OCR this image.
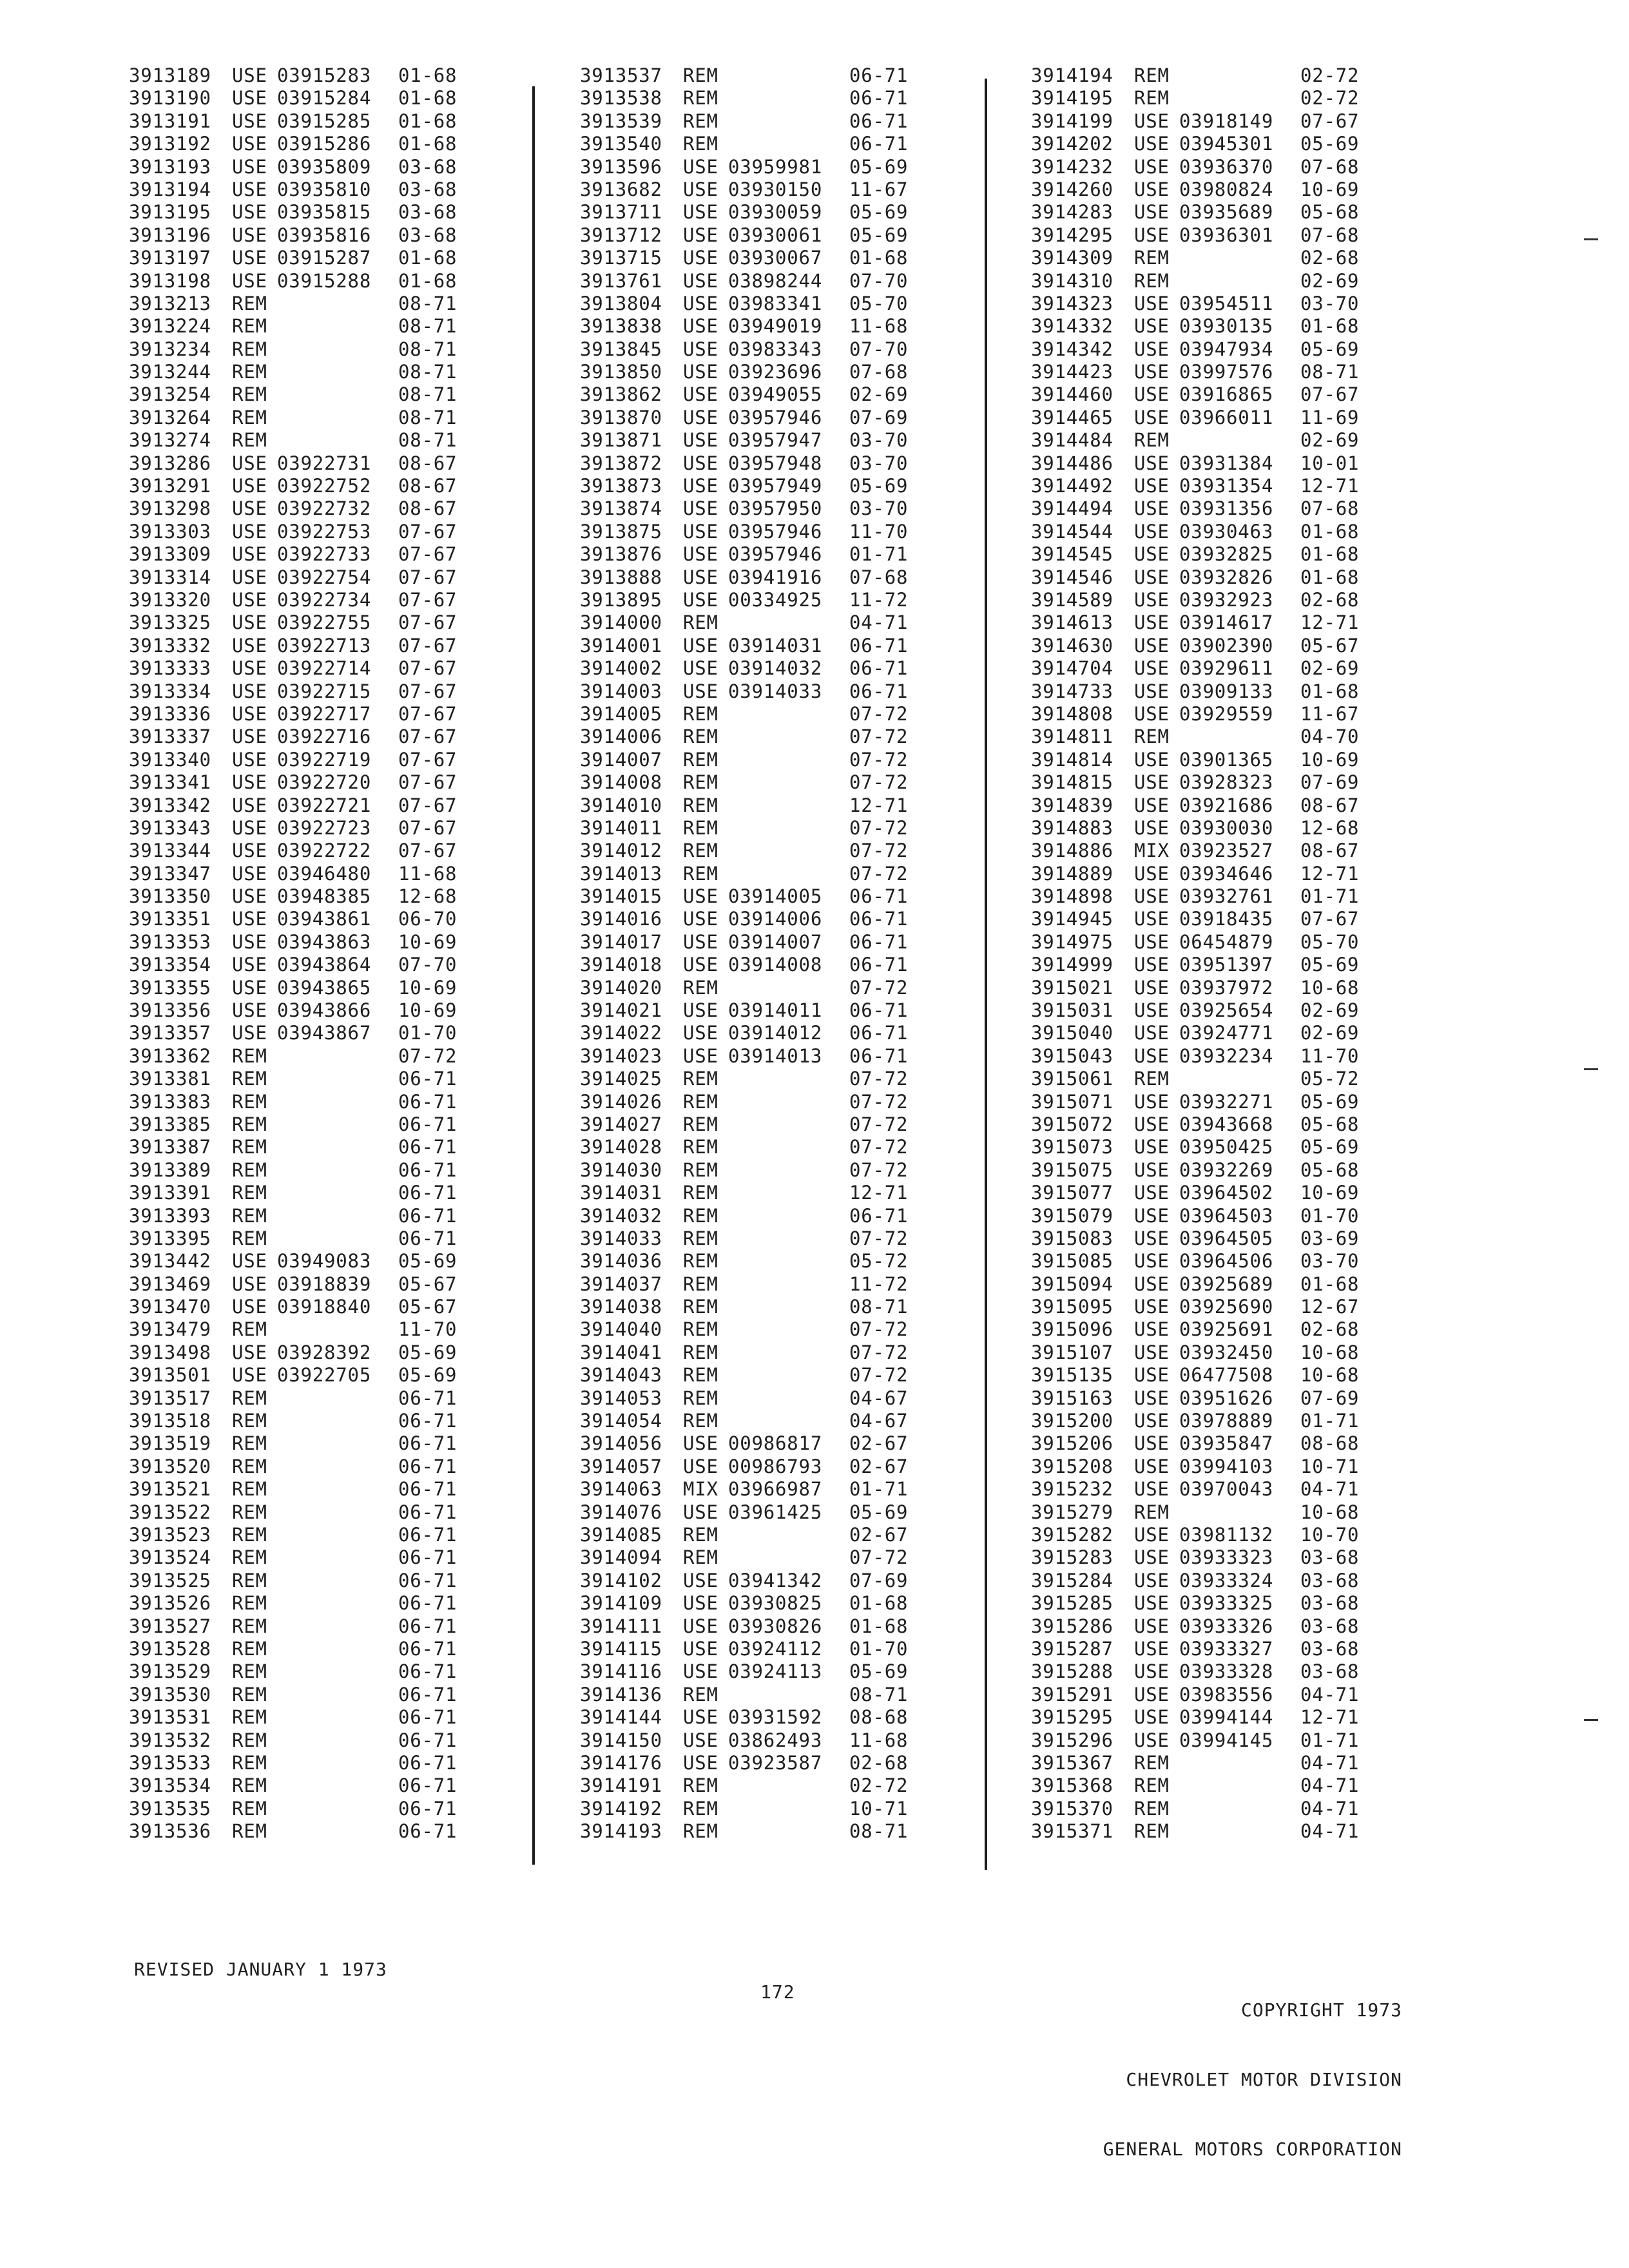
3913189 USE 03915283 01-68
3913190 USE 03915284 01-68
3913191 USE 03915285 01-68
3913192 USE 03915286 01-68
3913193 USE 03935809 03-68
3913194 USE 03935810 03-68
3913195 USE 03935815 03-68
3913196 USE 03935816 03-68
3913197 USE 03915287 01-68
3913198 USE 03915288 01-68
3913213 REM	08-71
3913224 REM	08-71
3913234 REM	08-71
3913244 REM	08-71
3913254 REM	08-71
3913264 REM	08-71
3913274 REM	08-71
3913286 USE 03922731 08-67
3913291 USE 03922752 08-67
3913298 USE 03922732 08-67
3913303 USE 03922753 07-67
3913309 USE 03922733 07-67
3913314 USE 03922754 07-67
3913320 USE 03922734 07-67
3913325 USE 03922755 07-67
3913332 USE 03922713 07-67
3913333 USE 03922714 07-67
3913334 USE 03922715 07-67
3913336 USE 03922717 07-67
3913337 USE 03922716 07-67
3913340 USE 03922719 07-67
3913341 USE 03922720 07-67
3913342 USE 03922721 07-67
3913343 USE 03922723 07-67
3913344 USE 03922722 07-67
3913347 USE 03946480 11-68
3913350 USE 03948385 12-68
3913351 USE 03943861 06-70
3913353 USE 03943863 10-69
3913354 USE 03943864 07-70
3913355 USE 03943865 10-69
3913356 USE 03943866 10-69
3913357 USE 03943867 01-70
3913362 REM	07-72
3913381 REM	06-71
3913383 REM	06-71
3913385 REM	06-71
3913387 REM	06-71
3913389 REM	06-71
3913391 REM	06-71
3913393 REM	06-71
3913395 REM	06-71
3913442 USE 03949083 05-69
3913469 USE 03918839 05-67
3913470 USE 03918840 05-67
3913479 REM	11-70
3913498 USE 03928392 05-69
3913501 USE 03922705 05-69
3913517 REM	06-71
3913518 REM	06-71
3913519 REM	06-71
3913520 REM	06-71
3913521 REM	06-71
3913522 REM	06-71
3913523 REM	06-71
3913524 REM	06-71
3913525 REM	06-71
3913526 REM	06-71
3913527 REM	06-71
3913528 REM	06-71
3913529 REM	06-71
3913530 REM	06-71
3913531 REM	06-71
3913532 REM	06-71
3913533 REM	06-71
3913534 REM	06-71
3913535 REM	06-71
3913536 REM	06-71
3913537 REM	06-71
3913538 REM	06-71
3913539 REM	06-71
3913540 REM	06-71
3913596 USE 03959981 05-69
3913682 USE 03930150 11-67
3913711 USE 03930059 05-69
3913712 USE 03930061 05-69
3913715 USE 03930067 01-68
3913761 USE 03898244 07-70
3913804 USE 03983341 05-70
3913838 USE 03949019 11-68
3913845 USE 03983343 07-70
3913850 USE 03923696 07-68
3913862 USE 03949055 02-69
3913870 USE 03957946 07-69
3913871 USE 03957947 03-70
3913872 USE 03957948 03-70
3913873 USE 03957949 05-69
3913874 USE 03957950 03-70
3913875 USE 03957946 11-70
3913876 USE 03957946 01-71
3913888 USE 03941916 07-68
3913895 USE 00334925 11-72
3914000 REM	04-71
3914001 USE 03914031 06-71
3914002 USE 03914032 06-71
3914003 USE 03914033 06-71
3914005 REM	07-72
3914006 REM	07-72
3914007 REM	07-72
3914008 REM	07-72
3914010 REM	12-71
3914011 REM	07-72
3914012 REM	07-72
3914013 REM	07-72
3914015 USE 03914005 06-71
3914016 USE 03914006 06-71
3914017 USE 03914007 06-71
3914018 USE 03914008 06-71
3914020 REM	07-72
3914021 USE 03914011 06-71
3914022 USE 03914012 06-71
3914023 USE 03914013 06-71
3914025 REM	07-72
3914026 REM	07-72
3914027 REM	07-72
3914028 REM	07-72
3914030 REM	07-72
3914031 REM	12-71
3914032 REM	06-71
3914033 REM	07-72
3914036 REM	05-72
3914037 REM	11-72
3914038 REM	08-71
3914040 REM	07-72
3914041 REM	07-72
3914043 REM	07-72
3914053 REM	04-67
3914054 REM	04-67
3914056 USE 00986817 02-67
3914057 USE 00986793 02-67
3914063 MIX 03966987 01-71
3914076 USE 03961425 05-69
3914085 REM	02-67
3914094 REM	07-72
3914102 USE 03941342 07-69
3914109 USE 03930825 01-68
3914111 USE 03930826 01-68
3914115 USE 03924112 01-70
3914116 USE 03924113 05-69
3914136 REM	08-71
3914144 USE 03931592 08-68
3914150 USE 03862493 11-68
3914176 USE 03923587 02-68
3914191 REM	02-72
3914192 REM	10-71
3914193 REM	08-71
3914194 REM	02-72
3914195 REM	02-72
3914199 USE 03918149 07-67
3914202 USE 03945301 05-69
3914232 USE 03936370 07-68
3914260 USE 03980824 10-69
3914283 USE 03935689 05-68
3914295 USE 03936301 07-68
3914309 REM	02-68
3914310 REM	02-69
3914323 USE 03954511 03-70
3914332 USE 03930135 01-68
3914342 USE 03947934 05-69
3914423 USE 03997576 08-71
3914460 USE 03916865 07-67
3914465 USE 03966011 11-69
3914484 REM	02-69
3914486 USE 03931384 10-01
3914492 USE 03931354 12-71
3914494 USE 03931356 07-68
3914544 USE 03930463 01-68
3914545 USE 03932825 01-68
3914546 USE 03932826 01-68
3914589 USE 03932923 02-68
3914613 USE 03914617 12-71
3914630 USE 03902390 05-67
3914704 USE 03929611 02-69
3914733 USE 03909133 01-68
3914808 USE 03929559 11-67
3914811 REM	04-70
3914814 USE 03901365 10-69
3914815 USE 03928323 07-69
3914839 USE 03921686 08-67
3914883 USE 03930030 12-68
3914886 MIX 03923527 08-67
3914889 USE 03934646 12-71
3914898 USE 03932761 01-71
3914945 USE 03918435 07-67
3914975 USE 06454879 05-70
3914999 USE 03951397 05-69
3915021 USE 03937972 10-68
3915031 USE 03925654 02-69
3915040 USE 03924771 02-69
3915043 USE 03932234 11-70
3915061 REM	05-72
3915071 USE 03932271 05-69
3915072 USE 03943668 05-68
3915073 USE 03950425 05-69
3915075 USE 03932269 05-68
3915077 USE 03964502 10-69
3915079 USE 03964503 01-70
3915083 USE 03964505 03-69
3915085 USE 03964506 03-70
3915094 USE 03925689 01-68
3915095 USE 03925690 12-67
3915096 USE 03925691 02-68
3915107 USE 03932450 10-68
3915135 USE 06477508 10-68
3915163 USE 03951626 07-69
3915200 USE 03978889 01-71
3915206 USE 03935847 08-68
3915208 USE 03994103 10-71
3915232 USE 03970043 04-71
3915279 REM	10-68
3915282 USE 03981132 10-70
3915283 USE 03933323 03-68
3915284 USE 03933324 03-68
3915285 USE 03933325 03-68
3915286 USE 03933326 03-68
3915287 USE 03933327 03-68
3915288 USE 03933328 03-68
3915291 USE 03983556 04-71
3915295 USE 03994144 12-71
3915296 USE 03994145 01-71
3915367 REM	04-71
3915368 REM	04-71
3915370 REM	04-71
3915371 REM	04-71
REVISED JANUARY 1 1973
172

COPYRIGHT 1973

CHEVROLET MOTOR DIVISION

GENERAL MOTORS CORPORATION
